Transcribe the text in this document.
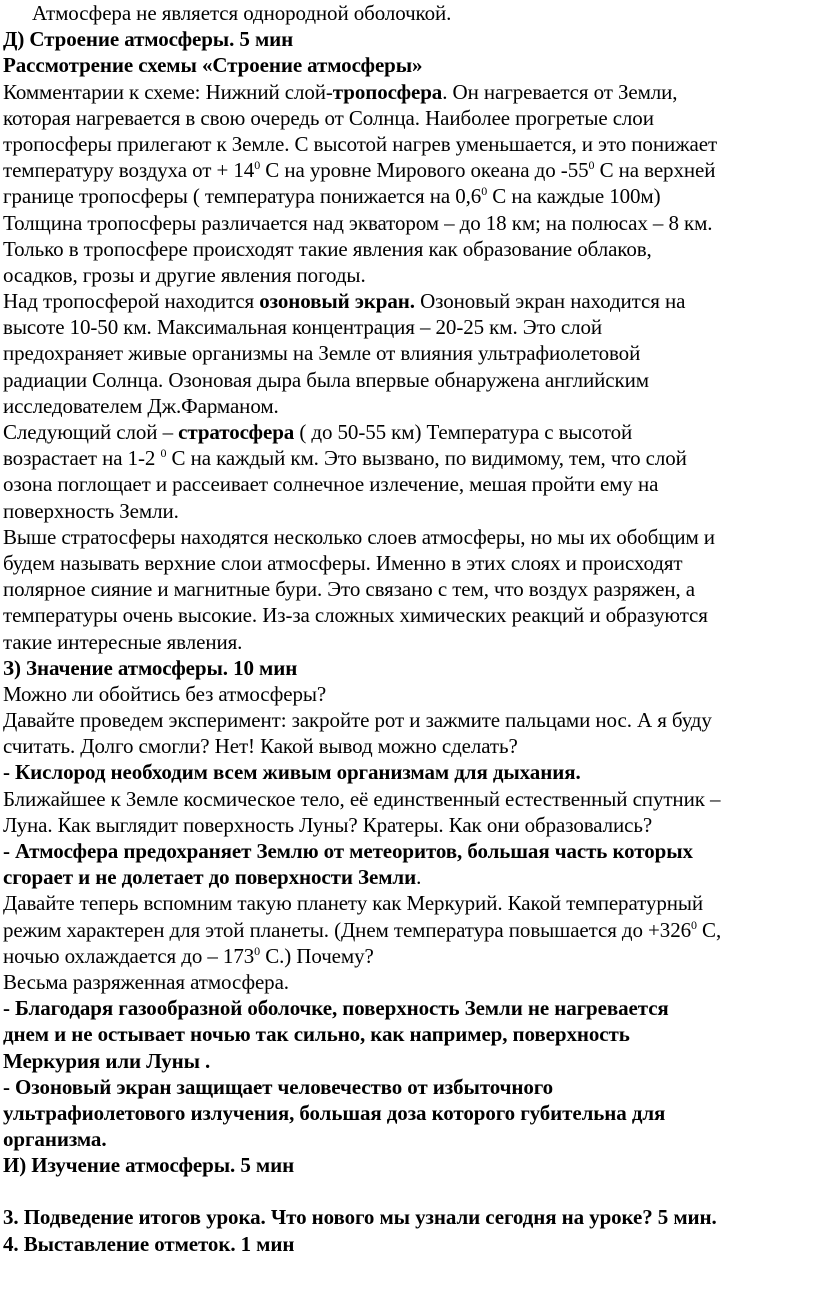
Атмосфера не является однородной оболочкой.
Д) Строение атмосферы. 5 мин
Рассмотрение схемы «Строение атмосферы»
Комментарии к схеме: Нижний слой-тропосфера. Он нагревается от Земли,
которая нагревается в свою очередь от Солнца. Наиболее прогретые слои
тропосферы прилегают к Земле. С высотой нагрев уменьшается, и это понижает
температуру воздуха от + $14^0$ С на уровне Мирового океана до $-55^0$ С на верхней
границе тропосферы ( температура понижается на $0,6^0$ С на каждые 100м)
Толщина тропосферы различается над экватором – до 18 км; на полюсах – 8 км.
Только в тропосфере происходят такие явления как образование облаков,
осадков, грозы и другие явления погоды.
Над тропосферой находится озоновый экран. Озоновый экран находится на
высоте 10-50 км. Максимальная концентрация – 20-25 км. Это слой
предохраняет живые организмы на Земле от влияния ультрафиолетовой
радиации Солнца. Озоновая дыра была впервые обнаружена английским
исследователем Дж.Фарманом.
Следующий слой – стратосфера ( до 50-55 км) Температура с высотой
возрастает на 1-2 $^0$ С на каждый км. Это вызвано, по видимому, тем, что слой
озона поглощает и рассеивает солнечное излечение, мешая пройти ему на
поверхность Земли.
Выше стратосферы находятся несколько слоев атмосферы, но мы их обобщим и
будем называть верхние слои атмосферы. Именно в этих слоях и происходят
полярное сияние и магнитные бури. Это связано с тем, что воздух разряжен, а
температуры очень высокие. Из-за сложных химических реакций и образуются
такие интересные явления.
З) Значение атмосферы. 10 мин
Можно ли обойтись без атмосферы?
Давайте проведем эксперимент: закройте рот и зажмите пальцами нос. А я буду
считать. Долго смогли? Нет! Какой вывод можно сделать?
- Кислород необходим всем живым организмам для дыхания.
Ближайшее к Земле космическое тело, её единственный естественный спутник –
Луна. Как выглядит поверхность Луны? Кратеры. Как они образовались?
- Атмосфера предохраняет Землю от метеоритов, большая часть которых
сгорает и не долетает до поверхности Земли.
Давайте теперь вспомним такую планету как Меркурий. Какой температурный
режим характерен для этой планеты. (Днем температура повышается до $+326^0$ С,
ночью охлаждается до – $173^0$ С.) Почему?
Весьма разряженная атмосфера.
- Благодаря газообразной оболочке, поверхность Земли не нагревается
днем и не остывает ночью так сильно, как например, поверхность
Меркурия или Луны .
- Озоновый экран защищает человечество от избыточного
ультрафиолетового излучения, большая доза которого губительна для
организма.
И) Изучение атмосферы. 5 мин
3. Подведение итогов урока. Что нового мы узнали сегодня на уроке? 5 мин.
4. Выставление отметок. 1 мин
